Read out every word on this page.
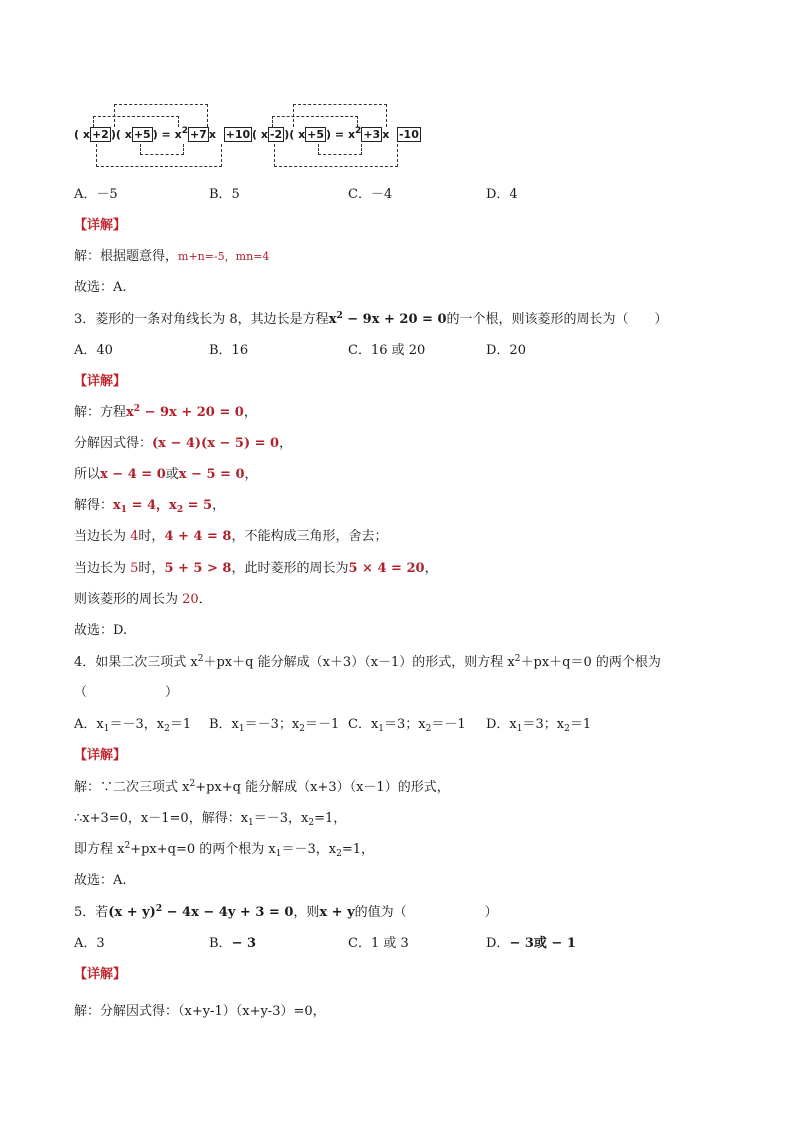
( x +2 )( x +5 ) = $x^2 +7$ x +10 ( x -2 )( x +5 ) = $x^2 +3$ x -10
A．－5	B．5	C．－4	D．4
【详解】
解：根据题意得，m+n=-5，mn=4
故选：A.
3．菱形的一条对角线长为 8，其边长是方程$x^2 - 9x + 20 = 0$的一个根，则该菱形的周长为（　　）
A．40	B．16	C．16 或 20	D．20
【详解】
解：方程$x^2 - 9x + 20 = 0$，
分解因式得：(x − 4)(x − 5) = 0，
所以x − 4 = 0或x − 5 = 0，
解得：$x_1 = 4$，$x_2 = 5$，
当边长为 4时，4 + 4 = 8，不能构成三角形，舍去；
当边长为 5时，5 + 5 > 8，此时菱形的周长为5 × 4 = 20，
则该菱形的周长为 20．
故选：D.
4．如果二次三项式 $x^2+px+q$ 能分解成（x＋3）（x－1）的形式，则方程 $x^2+px+q=0$ 的两个根为
（　　　　　　）
A．$x_1=-3$，$x_2=1$ B．$x_1=-3$；$x_2=-1$ C．$x_1=3$；$x_2=-1$ D．$x_1=3$；$x_2=1$
【详解】
解：∵二次三项式 $x^2+px+q$ 能分解成（x+3）（x－1）的形式，
∴x+3=0，x－1=0，解得：$x_1=-3$，$x_2=1$，
即方程 $x^2+px+q=0$ 的两个根为 $x_1=-3$，$x_2=1$，
故选：A.
5．若$(x + y)^2 - 4x - 4y + 3 = 0$，则x + y的值为（　　　　　　）
A．3	B．− 3	C．1 或 3	D．− 3或 − 1
【详解】
解：分解因式得：（x+y-1）（x+y-3）=0，
